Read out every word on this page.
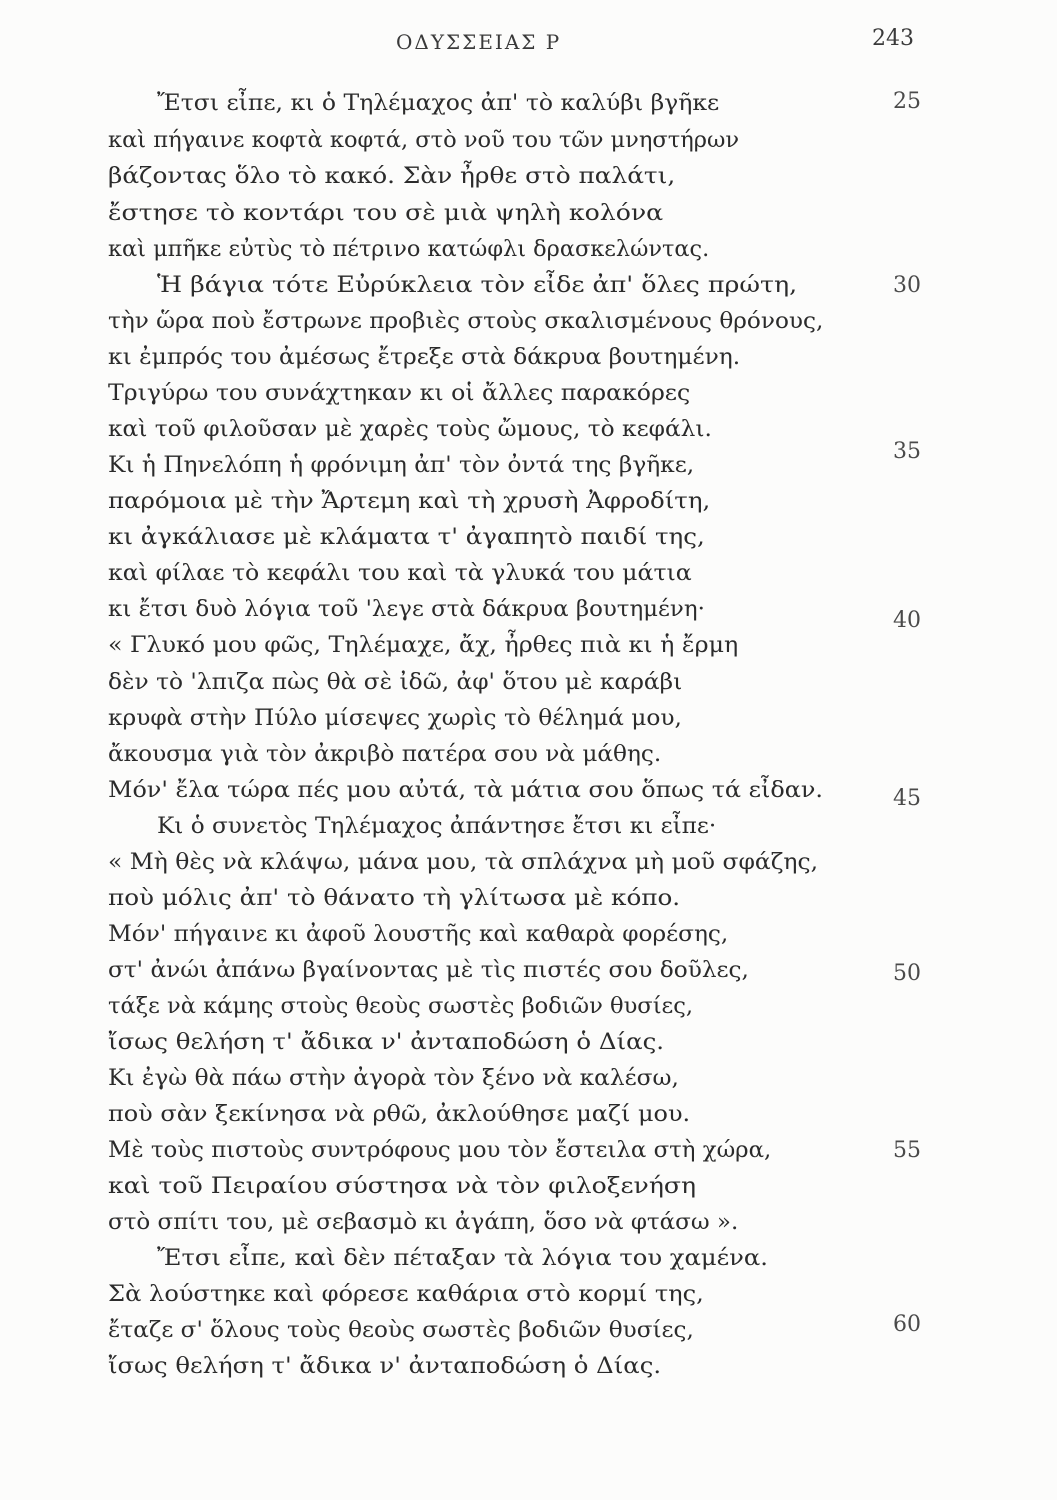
ΟΔΥΣΣΕΙΑΣ Ρ	243
Ἔτσι εἶπε, κι ὁ Τηλέμαχος ἀπ' τὸ καλύβι βγῆκε
καὶ πήγαινε κοφτὰ κοφτά, στὸ νοῦ του τῶν μνηστήρων
βάζοντας ὅλο τὸ κακό. Σὰν ἦρθε στὸ παλάτι,
ἔστησε τὸ κοντάρι του σὲ μιὰ ψηλὴ κολόνα
καὶ μπῆκε εὐτὺς τὸ πέτρινο κατώφλι δρασκελώντας.
Ἡ βάγια τότε Εὐρύκλεια τὸν εἶδε ἀπ' ὅλες πρώτη,
τὴν ὥρα ποὺ ἔστρωνε προβιὲς στοὺς σκαλισμένους θρόνους,
κι ἐμπρός του ἀμέσως ἔτρεξε στὰ δάκρυα βουτημένη.
Τριγύρω του συνάχτηκαν κι οἱ ἄλλες παρακόρες
καὶ τοῦ φιλοῦσαν μὲ χαρὲς τοὺς ὤμους, τὸ κεφάλι.
Κι ἡ Πηνελόπη ἡ φρόνιμη ἀπ' τὸν ὀντά της βγῆκε,
παρόμοια μὲ τὴν Ἄρτεμη καὶ τὴ χρυσὴ Ἀφροδίτη,
κι ἀγκάλιασε μὲ κλάματα τ' ἀγαπητὸ παιδί της,
καὶ φίλαε τὸ κεφάλι του καὶ τὰ γλυκά του μάτια
κι ἔτσι δυὸ λόγια τοῦ 'λεγε στὰ δάκρυα βουτημένη·
« Γλυκό μου φῶς, Τηλέμαχε, ἄχ, ἦρθες πιὰ κι ἡ ἔρμη
δὲν τὸ 'λπιζα πὼς θὰ σὲ ἰδῶ, ἀφ' ὅτου μὲ καράβι
κρυφὰ στὴν Πύλο μίσεψες χωρὶς τὸ θέλημά μου,
ἄκουσμα γιὰ τὸν ἀκριβὸ πατέρα σου νὰ μάθης.
Μόν' ἔλα τώρα πές μου αὐτά, τὰ μάτια σου ὅπως τά εἶδαν.
Κι ὁ συνετὸς Τηλέμαχος ἀπάντησε ἔτσι κι εἶπε·
« Μὴ θὲς νὰ κλάψω, μάνα μου, τὰ σπλάχνα μὴ μοῦ σφάζης,
ποὺ μόλις ἀπ' τὸ θάνατο τὴ γλίτωσα μὲ κόπο.
Μόν' πήγαινε κι ἀφοῦ λουστῆς καὶ καθαρὰ φορέσης,
στ' ἀνώι ἀπάνω βγαίνοντας μὲ τὶς πιστές σου δοῦλες,
τάξε νὰ κάμης στοὺς θεοὺς σωστὲς βοδιῶν θυσίες,
ἴσως θελήση τ' ἄδικα ν' ἀνταποδώση ὁ Δίας.
Κι ἐγὼ θὰ πάω στὴν ἀγορὰ τὸν ξένο νὰ καλέσω,
ποὺ σὰν ξεκίνησα νὰ ρθῶ, ἀκλούθησε μαζί μου.
Μὲ τοὺς πιστοὺς συντρόφους μου τὸν ἔστειλα στὴ χώρα,
καὶ τοῦ Πειραίου σύστησα νὰ τὸν φιλοξενήση
στὸ σπίτι του, μὲ σεβασμὸ κι ἀγάπη, ὅσο νὰ φτάσω ».
Ἔτσι εἶπε, καὶ δὲν πέταξαν τὰ λόγια του χαμένα.
Σὰ λούστηκε καὶ φόρεσε καθάρια στὸ κορμί της,
ἔταζε σ' ὅλους τοὺς θεοὺς σωστὲς βοδιῶν θυσίες,
ἴσως θελήση τ' ἄδικα ν' ἀνταποδώση ὁ Δίας.
25
30
35
40
45
50
55
60
